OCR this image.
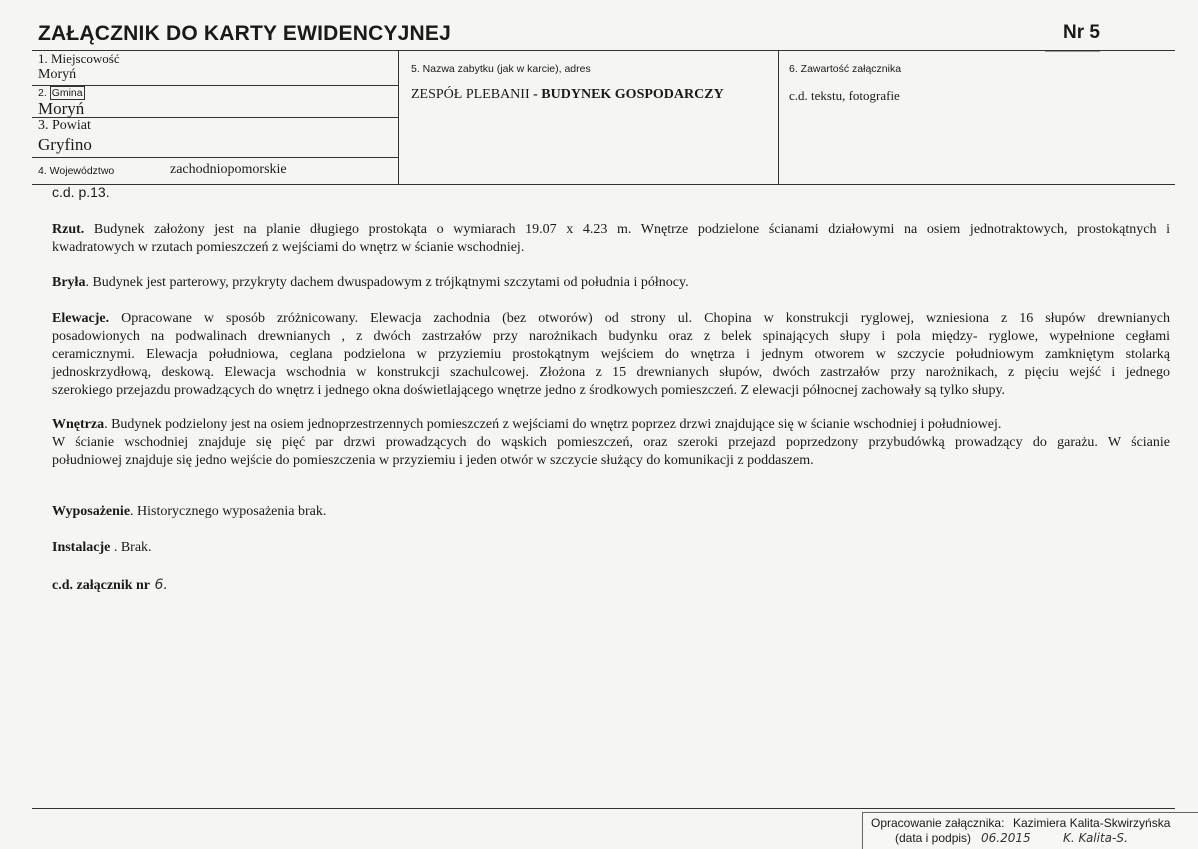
ZAŁĄCZNIK DO KARTY EWIDENCYJNEJ	Nr 5
1. Miejscowość
Moryń
2. Gmina
Moryń
3. Powiat
Gryfino
4. Województwo	zachodniopomorskie
5. Nazwa zabytku (jak w karcie), adres
ZESPÓŁ PLEBANII - BUDYNEK GOSPODARCZY
6. Zawartość załącznika
c.d. tekstu, fotografie
c.d. p.13.
Rzut. Budynek założony jest na planie długiego prostokąta o wymiarach 19.07 x 4.23 m. Wnętrze podzielone ścianami działowymi na osiem jednotraktowych, prostokątnych i
kwadratowych w rzutach pomieszczeń z wejściami do wnętrz w ścianie wschodniej.
Bryła. Budynek jest parterowy, przykryty dachem dwuspadowym z trójkątnymi szczytami od południa i północy.
Elewacje. Opracowane w sposób zróżnicowany. Elewacja zachodnia (bez otworów) od strony ul. Chopina w konstrukcji ryglowej, wzniesiona z 16 słupów drewnianych
posadowionych na podwalinach drewnianych , z dwóch zastrzałów przy narożnikach budynku oraz z belek spinających słupy i pola między- ryglowe, wypełnione cegłami
ceramicznymi. Elewacja południowa, ceglana podzielona w przyziemiu prostokątnym wejściem do wnętrza i jednym otworem w szczycie południowym zamkniętym stolarką
jednoskrzydłową, deskową. Elewacja wschodnia w konstrukcji szachulcowej. Złożona z 15 drewnianych słupów, dwóch zastrzałów przy narożnikach, z pięciu wejść i jednego
szerokiego przejazdu prowadzących do wnętrz i jednego okna doświetlającego wnętrze jedno z środkowych pomieszczeń. Z elewacji północnej zachowały są tylko słupy.
Wnętrza. Budynek podzielony jest na osiem jednoprzestrzennych pomieszczeń z wejściami do wnętrz poprzez drzwi znajdujące się w ścianie wschodniej i południowej.
W ścianie wschodniej znajduje się pięć par drzwi prowadzących do wąskich pomieszczeń, oraz szeroki przejazd poprzedzony przybudówką prowadzący do garażu. W ścianie
południowej znajduje się jedno wejście do pomieszczenia w przyziemiu i jeden otwór w szczycie służący do komunikacji z poddaszem.
Wyposażenie. Historycznego wyposażenia brak.
Instalacje . Brak.
c.d. załącznik nr 6.
Opracowanie załącznika: Kazimiera Kalita-Skwirzyńska
(data i podpis) 06.2015	K. Kalita-S.
